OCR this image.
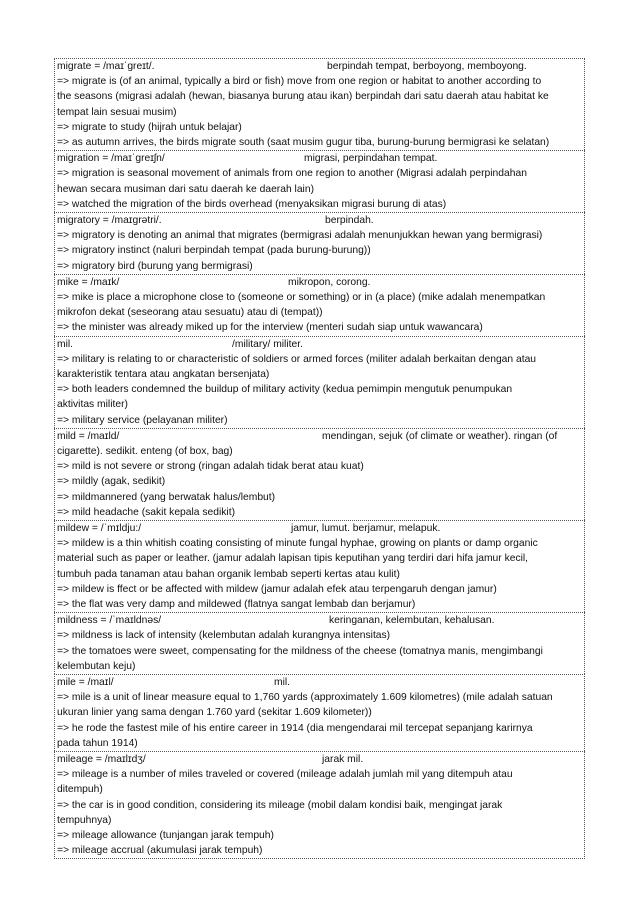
migrate = /maɪˈgreɪt/.	berpindah tempat, berboyong, memboyong.
=> migrate is (of an animal, typically a bird or fish) move from one region or habitat to another according to
the seasons (migrasi adalah (hewan, biasanya burung atau ikan) berpindah dari satu daerah atau habitat ke
tempat lain sesuai musim)
=> migrate to study (hijrah untuk belajar)
=> as autumn arrives, the birds migrate south (saat musim gugur tiba, burung-burung bermigrasi ke selatan)
migration = /maɪˈgreɪʃn/	migrasi, perpindahan tempat.
=> migration is seasonal movement of animals from one region to another (Migrasi adalah perpindahan
hewan secara musiman dari satu daerah ke daerah lain)
=> watched the migration of the birds overhead (menyaksikan migrasi burung di atas)
migratory = /maɪgrətri/.	berpindah.
=> migratory is denoting an animal that migrates (bermigrasi adalah menunjukkan hewan yang bermigrasi)
=> migratory instinct (naluri berpindah tempat (pada burung-burung))
=> migratory bird (burung yang bermigrasi)
mike = /maɪk/	mikropon, corong.
=> mike is place a microphone close to (someone or something) or in (a place) (mike adalah menempatkan
mikrofon dekat (seseorang atau sesuatu) atau di (tempat))
=> the minister was already miked up for the interview (menteri sudah siap untuk wawancara)
mil.	/military/ militer.
=> military is relating to or characteristic of soldiers or armed forces (militer adalah berkaitan dengan atau
karakteristik tentara atau angkatan bersenjata)
=> both leaders condemned the buildup of military activity (kedua pemimpin mengutuk penumpukan
aktivitas militer)
=> military service (pelayanan militer)
mild = /maɪld/	mendingan, sejuk (of climate or weather). ringan (of
cigarette). sedikit. enteng (of box, bag)
=> mild is not severe or strong (ringan adalah tidak berat atau kuat)
=> mildly (agak, sedikit)
=> mildmannered (yang berwatak halus/lembut)
=> mild headache (sakit kepala sedikit)
mildew = /ˈmɪldju:/	jamur, lumut. berjamur, melapuk.
=> mildew is a thin whitish coating consisting of minute fungal hyphae, growing on plants or damp organic
material such as paper or leather. (jamur adalah lapisan tipis keputihan yang terdiri dari hifa jamur kecil,
tumbuh pada tanaman atau bahan organik lembab seperti kertas atau kulit)
=> mildew is ffect or be affected with mildew (jamur adalah efek atau terpengaruh dengan jamur)
=> the flat was very damp and mildewed (flatnya sangat lembab dan berjamur)
mildness = /ˈmaɪldnəs/	keringanan, kelembutan, kehalusan.
=> mildness is lack of intensity (kelembutan adalah kurangnya intensitas)
=> the tomatoes were sweet, compensating for the mildness of the cheese (tomatnya manis, mengimbangi
kelembutan keju)
mile = /maɪl/	mil.
=> mile is a unit of linear measure equal to 1,760 yards (approximately 1.609 kilometres) (mile adalah satuan
ukuran linier yang sama dengan 1.760 yard (sekitar 1.609 kilometer))
=> he rode the fastest mile of his entire career in 1914 (dia mengendarai mil tercepat sepanjang karirnya
pada tahun 1914)
mileage = /maɪlɪdʒ/	jarak mil.
=> mileage is a number of miles traveled or covered (mileage adalah jumlah mil yang ditempuh atau
ditempuh)
=> the car is in good condition, considering its mileage (mobil dalam kondisi baik, mengingat jarak
tempuhnya)
=> mileage allowance (tunjangan jarak tempuh)
=> mileage accrual (akumulasi jarak tempuh)
